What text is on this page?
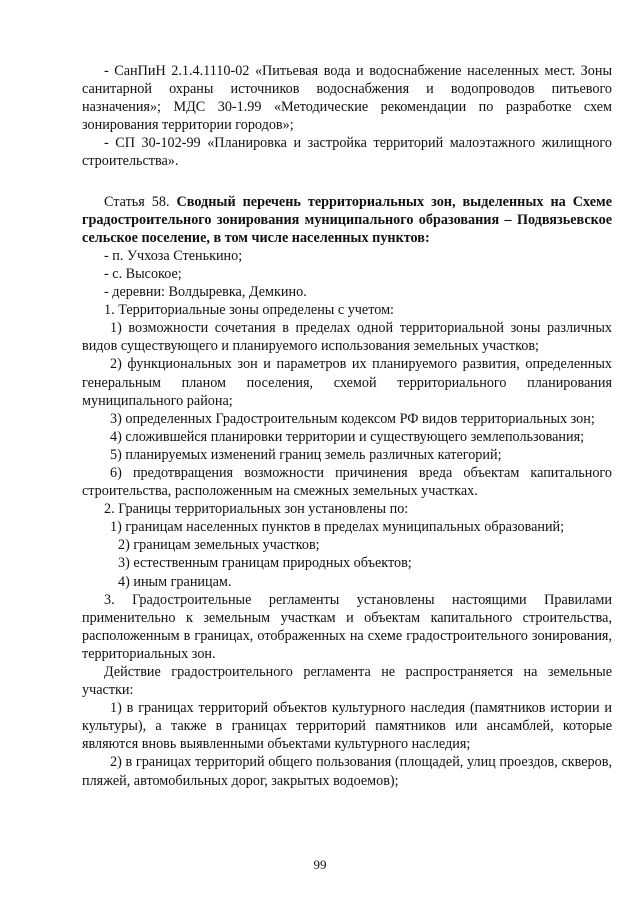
- СанПиН 2.1.4.1110-02 «Питьевая вода и водоснабжение населенных мест. Зоны санитарной охраны источников водоснабжения и водопроводов питьевого назначения»; МДС 30-1.99 «Методические рекомендации по разработке схем зонирования территории городов»;

- СП 30-102-99 «Планировка и застройка территорий малоэтажного жилищного строительства».

Статья 58. Сводный перечень территориальных зон, выделенных на Схеме градостроительного зонирования муниципального образования – Подвязьевское сельское поселение, в том числе населенных пунктов:

- п. Учхоза Стенькино;

- с. Высокое;

- деревни: Волдыревка, Демкино.

1. Территориальные зоны определены с учетом:

1) возможности сочетания в пределах одной территориальной зоны различных видов существующего и планируемого использования земельных участков;

2) функциональных зон и параметров их планируемого развития, определенных генеральным планом поселения, схемой территориального планирования муниципального района;

3) определенных Градостроительным кодексом РФ видов территориальных зон;

4) сложившейся планировки территории и существующего землепользования;

5) планируемых изменений границ земель различных категорий;

6) предотвращения возможности причинения вреда объектам капитального строительства, расположенным на смежных земельных участках.

2. Границы территориальных зон установлены по:

1) границам населенных пунктов в пределах муниципальных образований;

2) границам земельных участков;

3) естественным границам природных объектов;

4) иным границам.

3. Градостроительные регламенты установлены настоящими Правилами применительно к земельным участкам и объектам капитального строительства, расположенным в границах, отображенных на схеме градостроительного зонирования, территориальных зон.

Действие градостроительного регламента не распространяется на земельные участки:

1) в границах территорий объектов культурного наследия (памятников истории и культуры), а также в границах территорий памятников или ансамблей, которые являются вновь выявленными объектами культурного наследия;

2) в границах территорий общего пользования (площадей, улиц проездов, скверов, пляжей, автомобильных дорог, закрытых водоемов);

99
